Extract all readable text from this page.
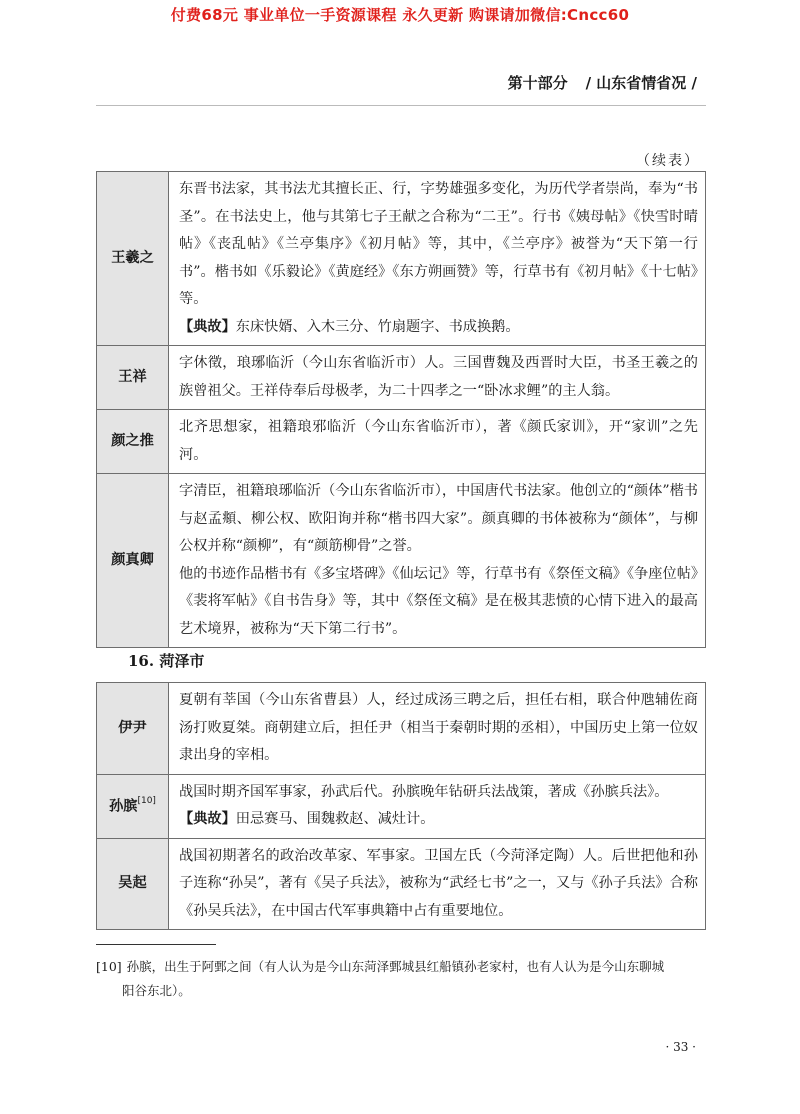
付费68元 事业单位一手资源课程 永久更新 购课请加微信:Cncc60
第十部分 / 山东省情省况 /
（续表）
王羲之	东晋书法家，其书法尤其擅长正、行，字势雄强多变化，为历代学者崇尚，奉为“书圣”。在书法史上，他与其第七子王献之合称为“二王”。行书《姨母帖》《快雪时晴帖》《丧乱帖》《兰亭集序》《初月帖》等，其中，《兰亭序》被誉为“天下第一行书”。楷书如《乐毅论》《黄庭经》《东方朔画赞》等，行草书有《初月帖》《十七帖》等。

【典故】东床快婿、入木三分、竹扇题字、书成换鹅。

王祥	字休徵，琅琊临沂（今山东省临沂市）人。三国曹魏及西晋时大臣，书圣王羲之的族曾祖父。王祥侍奉后母极孝，为二十四孝之一“卧冰求鲤”的主人翁。

颜之推	北齐思想家，祖籍琅邪临沂（今山东省临沂市），著《颜氏家训》，开“家训”之先河。

颜真卿	字清臣，祖籍琅琊临沂（今山东省临沂市），中国唐代书法家。他创立的“颜体”楷书与赵孟頫、柳公权、欧阳询并称“楷书四大家”。颜真卿的书体被称为“颜体”，与柳公权并称“颜柳”，有“颜筋柳骨”之誉。

他的书迹作品楷书有《多宝塔碑》《仙坛记》等，行草书有《祭侄文稿》《争座位帖》《裴将军帖》《自书告身》等，其中《祭侄文稿》是在极其悲愤的心情下进入的最高艺术境界，被称为“天下第二行书”。

16. 菏泽市
伊尹	夏朝有莘国（今山东省曹县）人，经过成汤三聘之后，担任右相，联合仲虺辅佐商汤打败夏桀。商朝建立后，担任尹（相当于秦朝时期的丞相），中国历史上第一位奴隶出身的宰相。

孙膑[10]	战国时期齐国军事家，孙武后代。孙膑晚年钻研兵法战策，著成《孙膑兵法》。

【典故】田忌赛马、围魏救赵、减灶计。

吴起	战国初期著名的政治改革家、军事家。卫国左氏（今菏泽定陶）人。后世把他和孙子连称“孙吴”，著有《吴子兵法》，被称为“武经七书”之一，又与《孙子兵法》合称《孙吴兵法》，在中国古代军事典籍中占有重要地位。

[10] 孙膑，出生于阿鄄之间（有人认为是今山东菏泽鄄城县红船镇孙老家村，也有人认为是今山东聊城
阳谷东北）。
· 33 ·
